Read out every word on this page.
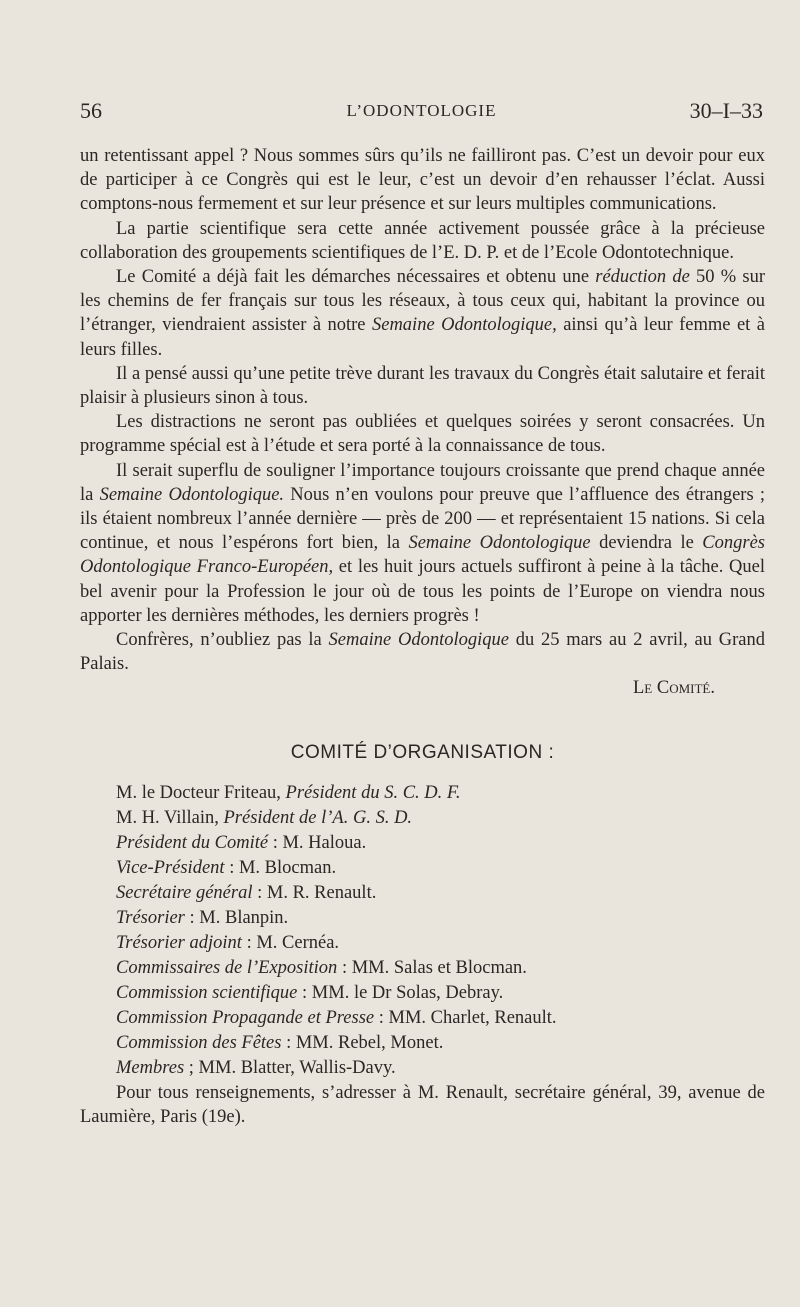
56	L’ODONTOLOGIE	30–I–33

un retentissant appel ? Nous sommes sûrs qu’ils ne failliront pas. C’est un devoir pour eux de participer à ce Congrès qui est le leur, c’est un devoir d’en rehausser l’éclat. Aussi comptons-nous fermement et sur leur présence et sur leurs multiples communications.

La partie scientifique sera cette année activement poussée grâce à la précieuse collaboration des groupements scientifiques de l’E. D. P. et de l’Ecole Odontotechnique.

Le Comité a déjà fait les démarches nécessaires et obtenu une réduction de 50 % sur les chemins de fer français sur tous les réseaux, à tous ceux qui, habitant la province ou l’étranger, viendraient assister à notre Semaine Odontologique, ainsi qu’à leur femme et à leurs filles.

Il a pensé aussi qu’une petite trève durant les travaux du Congrès était salutaire et ferait plaisir à plusieurs sinon à tous.

Les distractions ne seront pas oubliées et quelques soirées y seront consacrées. Un programme spécial est à l’étude et sera porté à la connaissance de tous.

Il serait superflu de souligner l’importance toujours croissante que prend chaque année la Semaine Odontologique. Nous n’en voulons pour preuve que l’affluence des étrangers ; ils étaient nombreux l’année dernière — près de 200 — et représentaient 15 nations. Si cela continue, et nous l’espérons fort bien, la Semaine Odontologique deviendra le Congrès Odontologique Franco-Européen, et les huit jours actuels suffiront à peine à la tâche. Quel bel avenir pour la Profession le jour où de tous les points de l’Europe on viendra nous apporter les dernières méthodes, les derniers progrès !

Confrères, n’oubliez pas la Semaine Odontologique du 25 mars au 2 avril, au Grand Palais.

Le Comité.
COMITÉ D’ORGANISATION :
M. le Docteur Friteau, Président du S. C. D. F.
M. H. Villain, Président de l’A. G. S. D.
Président du Comité : M. Haloua.
Vice-Président : M. Blocman.
Secrétaire général : M. R. Renault.
Trésorier : M. Blanpin.
Trésorier adjoint : M. Cernéa.
Commissaires de l’Exposition : MM. Salas et Blocman.
Commission scientifique : MM. le Dr Solas, Debray.
Commission Propagande et Presse : MM. Charlet, Renault.
Commission des Fêtes : MM. Rebel, Monet.
Membres ; MM. Blatter, Wallis-Davy.

Pour tous renseignements, s’adresser à M. Renault, secrétaire général, 39, avenue de Laumière, Paris (19e).
